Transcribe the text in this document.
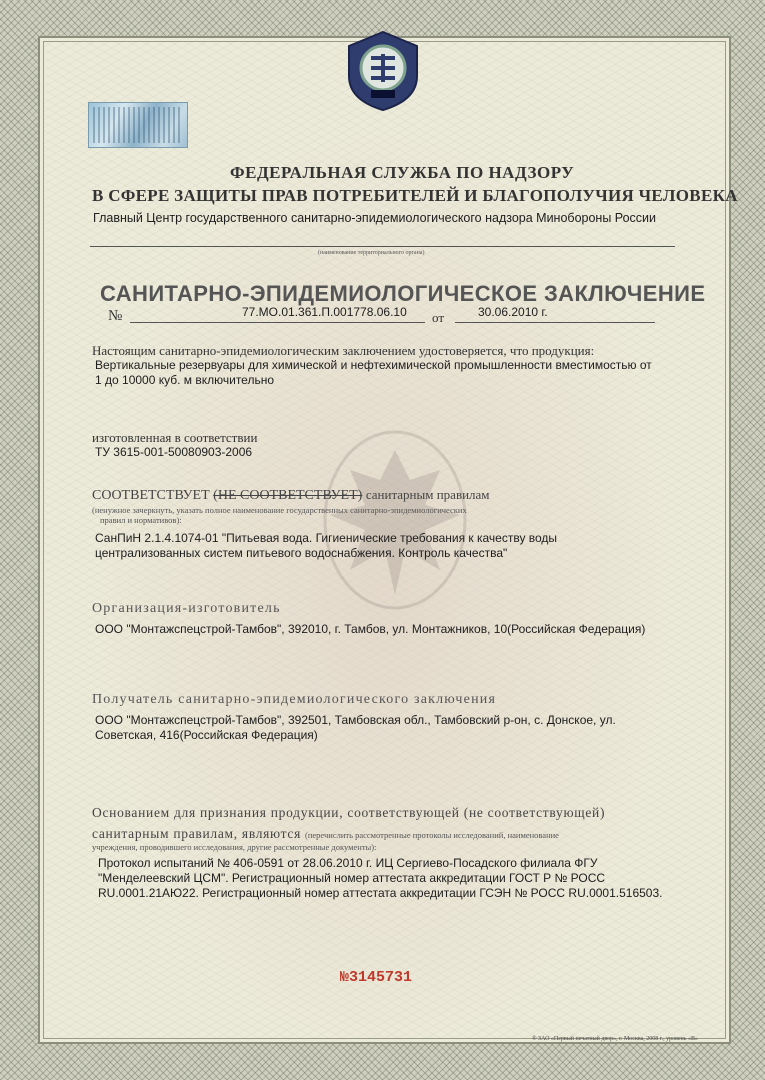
ФЕДЕРАЛЬНАЯ СЛУЖБА ПО НАДЗОРУ
В СФЕРЕ ЗАЩИТЫ ПРАВ ПОТРЕБИТЕЛЕЙ И БЛАГОПОЛУЧИЯ ЧЕЛОВЕКА
Главный Центр государственного санитарно-эпидемиологического надзора Минобороны России
(наименование территориального органа)
САНИТАРНО-ЭПИДЕМИОЛОГИЧЕСКОЕ ЗАКЛЮЧЕНИЕ
№	77.МО.01.361.П.001778.06.10 от	30.06.2010 г.
Настоящим санитарно-эпидемиологическим заключением удостоверяется, что продукция:
Вертикальные резервуары для химической и нефтехимической промышленности вместимостью от
1 до 10000 куб. м включительно
изготовленная в соответствии
ТУ 3615-001-50080903-2006
СООТВЕТСТВУЕТ (НЕ СООТВЕТСТВУЕТ) санитарным правилам
(ненужное зачеркнуть, указать полное наименование государственных санитарно-эпидемиологических
правил и нормативов):
СанПиН 2.1.4.1074-01 "Питьевая вода. Гигиенические требования к качеству воды
централизованных систем питьевого водоснабжения. Контроль качества"
Организация-изготовитель
ООО "Монтажспецстрой-Тамбов", 392010, г. Тамбов, ул. Монтажников, 10(Российская Федерация)
Получатель санитарно-эпидемиологического заключения
ООО "Монтажспецстрой-Тамбов", 392501, Тамбовская обл., Тамбовский р-он, с. Донское, ул.
Советская, 416(Российская Федерация)
Основанием для признания продукции, соответствующей (не соответствующей)
санитарным правилам, являются (перечислить рассмотренные протоколы исследований, наименование
учреждения, проводившего исследования, другие рассмотренные документы):
Протокол испытаний № 406-0591 от 28.06.2010 г. ИЦ Сергиево-Посадского филиала ФГУ
"Менделеевский ЦСМ". Регистрационный номер аттестата аккредитации ГОСТ Р № РОСС
RU.0001.21АЮ22. Регистрационный номер аттестата аккредитации ГСЭН № РОСС RU.0001.516503.
№3145731
® ЗАО «Первый печатный двор», г. Москва, 2008 г., уровень «В»
